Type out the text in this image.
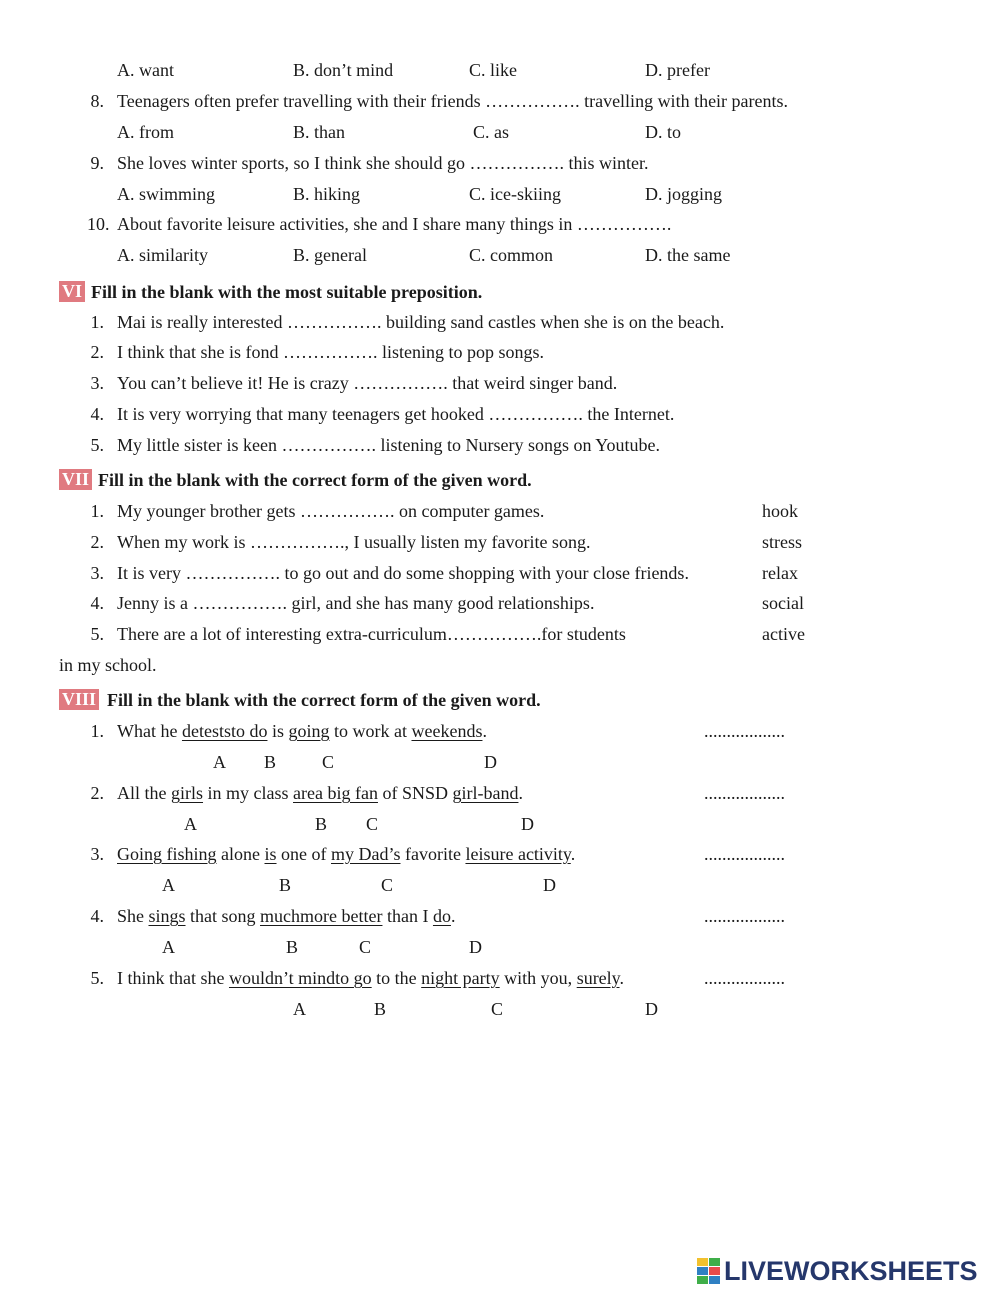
A. want	B. don’t mind	C. like	D. prefer
8. Teenagers often prefer travelling with their friends ……………. travelling with their parents.
A. from	B. than	C. as	D. to
9. She loves winter sports, so I think she should go ……………. this winter.
A. swimming	B. hiking	C. ice-skiing	D. jogging
10. About favorite leisure activities, she and I share many things in …………….
A. similarity	B. general	C. common	D. the same
VI Fill in the blank with the most suitable preposition.
1. Mai is really interested ……………. building sand castles when she is on the beach.
2. I think that she is fond ……………. listening to pop songs.
3. You can’t believe it! He is crazy ……………. that weird singer band.
4. It is very worrying that many teenagers get hooked ……………. the Internet.
5. My little sister is keen ……………. listening to Nursery songs on Youtube.
VII Fill in the blank with the correct form of the given word.
1. My younger brother gets ……………. on computer games.	hook
2. When my work is ……………., I usually listen my favorite song.	stress
3. It is very ……………. to go out and do some shopping with your close friends.	relax
4. Jenny is a ……………. girl, and she has many good relationships.	social
5. There are a lot of interesting extra-curriculum…………….for students	active
in my school.
VIII Fill in the blank with the correct form of the given word.
1. What he deteststo do is going to work at weekends.	..................
A B	C	D
2. All the girls in my class area big fan of SNSD girl-band.	..................
A	B C	D
3. Going fishing alone is one of my Dad’s favorite leisure activity.	..................
A	B	C	D
4. She sings that song muchmore better than I do.	..................
A	B	C	D
5. I think that she wouldn’t mindto go to the night party with you, surely.	..................
A	B	C	D
LIVEWORKSHEETS
